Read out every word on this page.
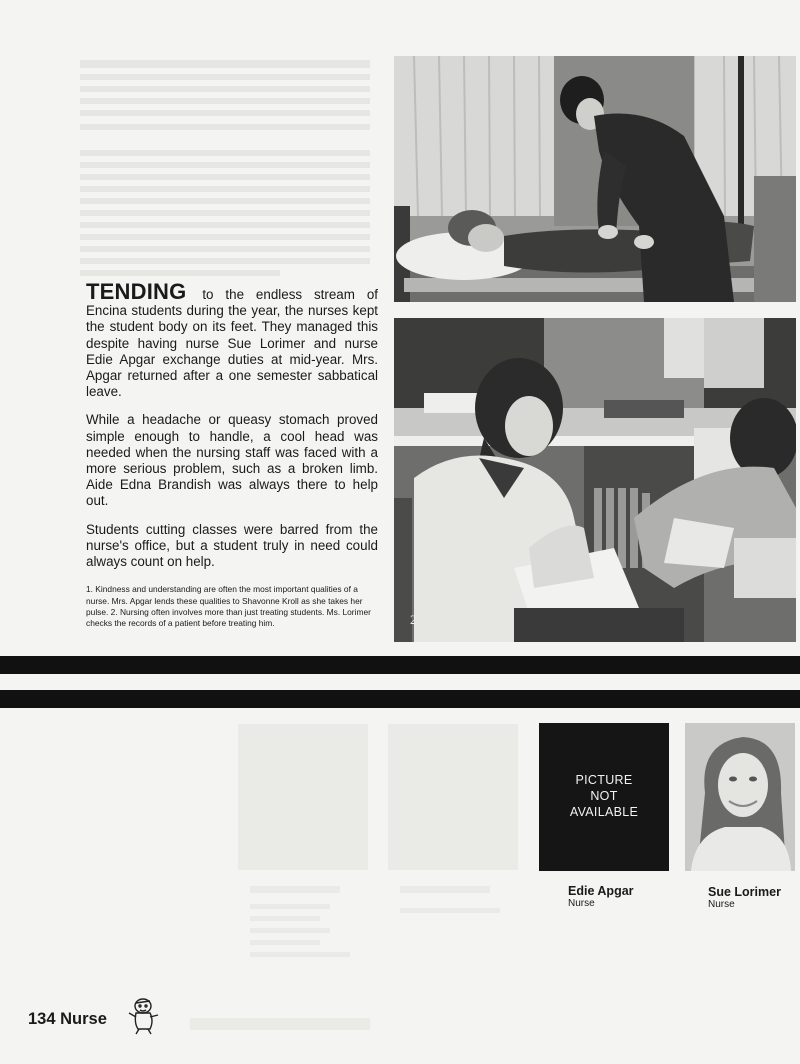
2

TENDING to the endless stream of Encina students during the year, the nurses kept the student body on its feet. They managed this despite having nurse Sue Lorimer and nurse Edie Apgar exchange duties at mid-year. Mrs. Apgar returned after a one semester sabbatical leave.

While a headache or queasy stomach proved simple enough to handle, a cool head was needed when the nursing staff was faced with a more serious problem, such as a broken limb. Aide Edna Brandish was always there to help out.

Students cutting classes were barred from the nurse's office, but a student truly in need could always count on help.

1. Kindness and understanding are often the most important qualities of a nurse. Mrs. Apgar lends these qualities to Shavonne Kroll as she takes her pulse. 2. Nursing often involves more than just treating students. Ms. Lorimer checks the records of a patient before treating him.

PICTURE
NOT
AVAILABLE
Edie Apgar
Nurse
Sue Lorimer
Nurse
134 Nurse
